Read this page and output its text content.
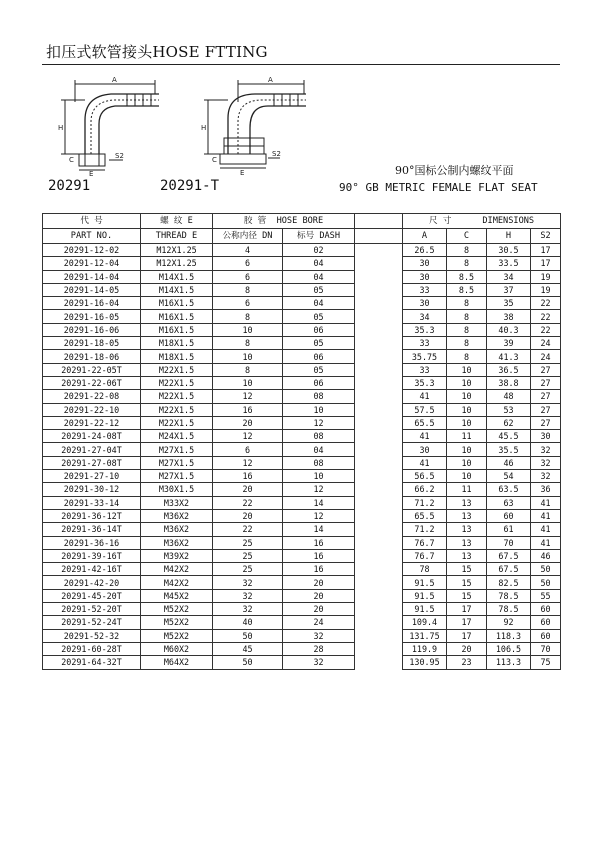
扣压式软管接头HOSE FTTING
A
H
C
E
S2
20291
A
H
C
E
S2
20291-T
90°国标公制内螺纹平面
90° GB METRIC FEMALE FLAT SEAT
代 号	螺 纹 E	胶 管 HOSE BORE			尺 寸 DIMENSIONS			
PART NO.	THREAD E	公称内径 DN	标号 DASH		A	C	H	S2
20291-12-02	M12X1.25	4	02		26.5	8	30.5	17
20291-12-04	M12X1.25	6	04		30	8	33.5	17
20291-14-04	M14X1.5	6	04		30	8.5	34	19
20291-14-05	M14X1.5	8	05		33	8.5	37	19
20291-16-04	M16X1.5	6	04		30	8	35	22
20291-16-05	M16X1.5	8	05		34	8	38	22
20291-16-06	M16X1.5	10	06		35.3	8	40.3	22
20291-18-05	M18X1.5	8	05		33	8	39	24
20291-18-06	M18X1.5	10	06		35.75	8	41.3	24
20291-22-05T	M22X1.5	8	05		33	10	36.5	27
20291-22-06T	M22X1.5	10	06		35.3	10	38.8	27
20291-22-08	M22X1.5	12	08		41	10	48	27
20291-22-10	M22X1.5	16	10		57.5	10	53	27
20291-22-12	M22X1.5	20	12		65.5	10	62	27
20291-24-08T	M24X1.5	12	08		41	11	45.5	30
20291-27-04T	M27X1.5	6	04		30	10	35.5	32
20291-27-08T	M27X1.5	12	08		41	10	46	32
20291-27-10	M27X1.5	16	10		56.5	10	54	32
20291-30-12	M30X1.5	20	12		66.2	11	63.5	36
20291-33-14	M33X2	22	14		71.2	13	63	41
20291-36-12T	M36X2	20	12		65.5	13	60	41
20291-36-14T	M36X2	22	14		71.2	13	61	41
20291-36-16	M36X2	25	16		76.7	13	70	41
20291-39-16T	M39X2	25	16		76.7	13	67.5	46
20291-42-16T	M42X2	25	16		78	15	67.5	50
20291-42-20	M42X2	32	20		91.5	15	82.5	50
20291-45-20T	M45X2	32	20		91.5	15	78.5	55
20291-52-20T	M52X2	32	20		91.5	17	78.5	60
20291-52-24T	M52X2	40	24		109.4	17	92	60
20291-52-32	M52X2	50	32		131.75	17	118.3	60
20291-60-28T	M60X2	45	28		119.9	20	106.5	70
20291-64-32T	M64X2	50	32		130.95	23	113.3	75
